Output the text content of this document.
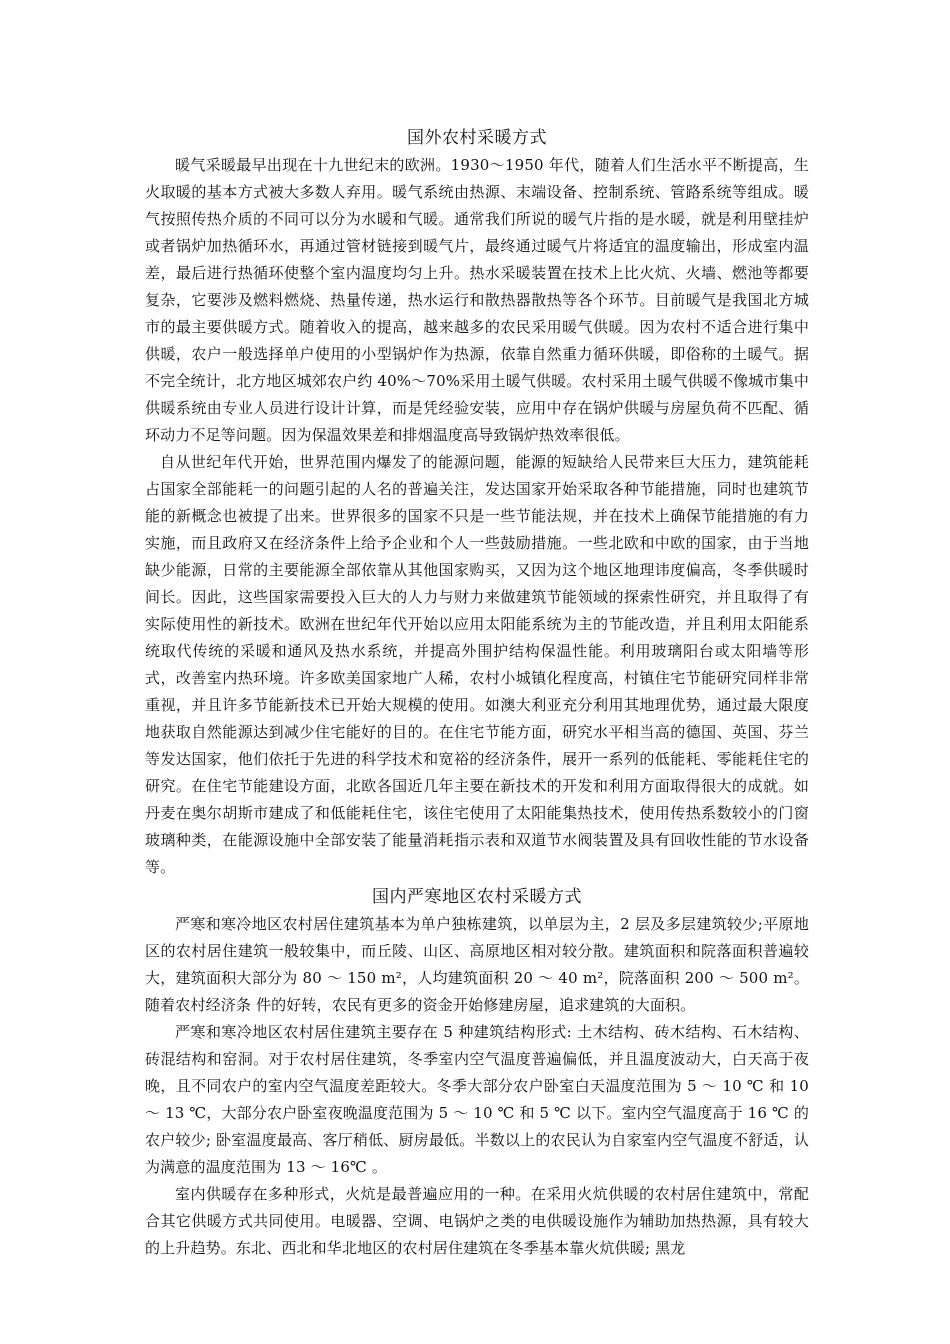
国外农村采暖方式

暖气采暖最早出现在十九世纪末的欧洲。1930～1950 年代，随着人们生活水平不断提高，生火取暖的基本方式被大多数人弃用。暖气系统由热源、末端设备、控制系统、管路系统等组成。暖气按照传热介质的不同可以分为水暖和气暖。通常我们所说的暖气片指的是水暖，就是利用壁挂炉或者锅炉加热循环水，再通过管材链接到暖气片，最终通过暖气片将适宜的温度输出，形成室内温差，最后进行热循环使整个室内温度均匀上升。热水采暖装置在技术上比火炕、火墙、燃池等都要复杂，它要涉及燃料燃烧、热量传递，热水运行和散热器散热等各个环节。目前暖气是我国北方城市的最主要供暖方式。随着收入的提高，越来越多的农民采用暖气供暖。因为农村不适合进行集中供暖，农户一般选择单户使用的小型锅炉作为热源，依靠自然重力循环供暖，即俗称的土暖气。据不完全统计，北方地区城郊农户约 40%～70%采用土暖气供暖。农村采用土暖气供暖不像城市集中供暖系统由专业人员进行设计计算，而是凭经验安装，应用中存在锅炉供暖与房屋负荷不匹配、循环动力不足等问题。因为保温效果差和排烟温度高导致锅炉热效率很低。

自从世纪年代开始，世界范围内爆发了的能源问题，能源的短缺给人民带来巨大压力，建筑能耗占国家全部能耗一的问题引起的人名的普遍关注，发达国家开始采取各种节能措施，同时也建筑节能的新概念也被提了出来。世界很多的国家不只是一些节能法规，并在技术上确保节能措施的有力实施，而且政府又在经济条件上给予企业和个人一些鼓励措施。一些北欧和中欧的国家，由于当地缺少能源，日常的主要能源全部依靠从其他国家购买，又因为这个地区地理讳度偏高，冬季供暖时间长。因此，这些国家需要投入巨大的人力与财力来做建筑节能领域的探索性研究，并且取得了有实际使用性的新技术。欧洲在世纪年代开始以应用太阳能系统为主的节能改造，并且利用太阳能系统取代传统的采暖和通风及热水系统，并提高外围护结构保温性能。利用玻璃阳台或太阳墙等形式，改善室内热环境。许多欧美国家地广人稀，农村小城镇化程度高，村镇住宅节能研究同样非常重视，并且许多节能新技术已开始大规模的使用。如澳大利亚充分利用其地理优势，通过最大限度地获取自然能源达到减少住宅能好的目的。在住宅节能方面，研究水平相当高的德国、英国、芬兰等发达国家，他们依托于先进的科学技术和宽裕的经济条件，展开一系列的低能耗、零能耗住宅的研究。在住宅节能建设方面，北欧各国近几年主要在新技术的开发和利用方面取得很大的成就。如丹麦在奥尔胡斯市建成了和低能耗住宅，该住宅使用了太阳能集热技术，使用传热系数较小的门窗玻璃种类，在能源设施中全部安装了能量消耗指示表和双道节水阀装置及具有回收性能的节水设备等。

国内严寒地区农村采暖方式

严寒和寒冷地区农村居住建筑基本为单户独栋建筑，以单层为主，2 层及多层建筑较少;平原地区的农村居住建筑一般较集中，而丘陵、山区、高原地区相对较分散。建筑面积和院落面积普遍较大，建筑面积大部分为 80 ～ 150 m²，人均建筑面积 20 ～ 40 m²，院落面积 200 ～ 500 m²。随着农村经济条 件的好转，农民有更多的资金开始修建房屋，追求建筑的大面积。

严寒和寒冷地区农村居住建筑主要存在 5 种建筑结构形式: 土木结构、砖木结构、石木结构、砖混结构和窑洞。对于农村居住建筑，冬季室内空气温度普遍偏低，并且温度波动大，白天高于夜晚，且不同农户的室内空气温度差距较大。冬季大部分农户卧室白天温度范围为 5 ～ 10 ℃ 和 10 ～ 13 ℃，大部分农户卧室夜晚温度范围为 5 ～ 10 ℃ 和 5 ℃ 以下。室内空气温度高于 16 ℃ 的农户较少; 卧室温度最高、客厅稍低、厨房最低。半数以上的农民认为自家室内空气温度不舒适，认为满意的温度范围为 13 ～ 16℃ 。

室内供暖存在多种形式，火炕是最普遍应用的一种。在采用火炕供暖的农村居住建筑中，常配合其它供暖方式共同使用。电暖器、空调、电锅炉之类的电供暖设施作为辅助加热热源，具有较大的上升趋势。东北、西北和华北地区的农村居住建筑在冬季基本靠火炕供暖; 黑龙
